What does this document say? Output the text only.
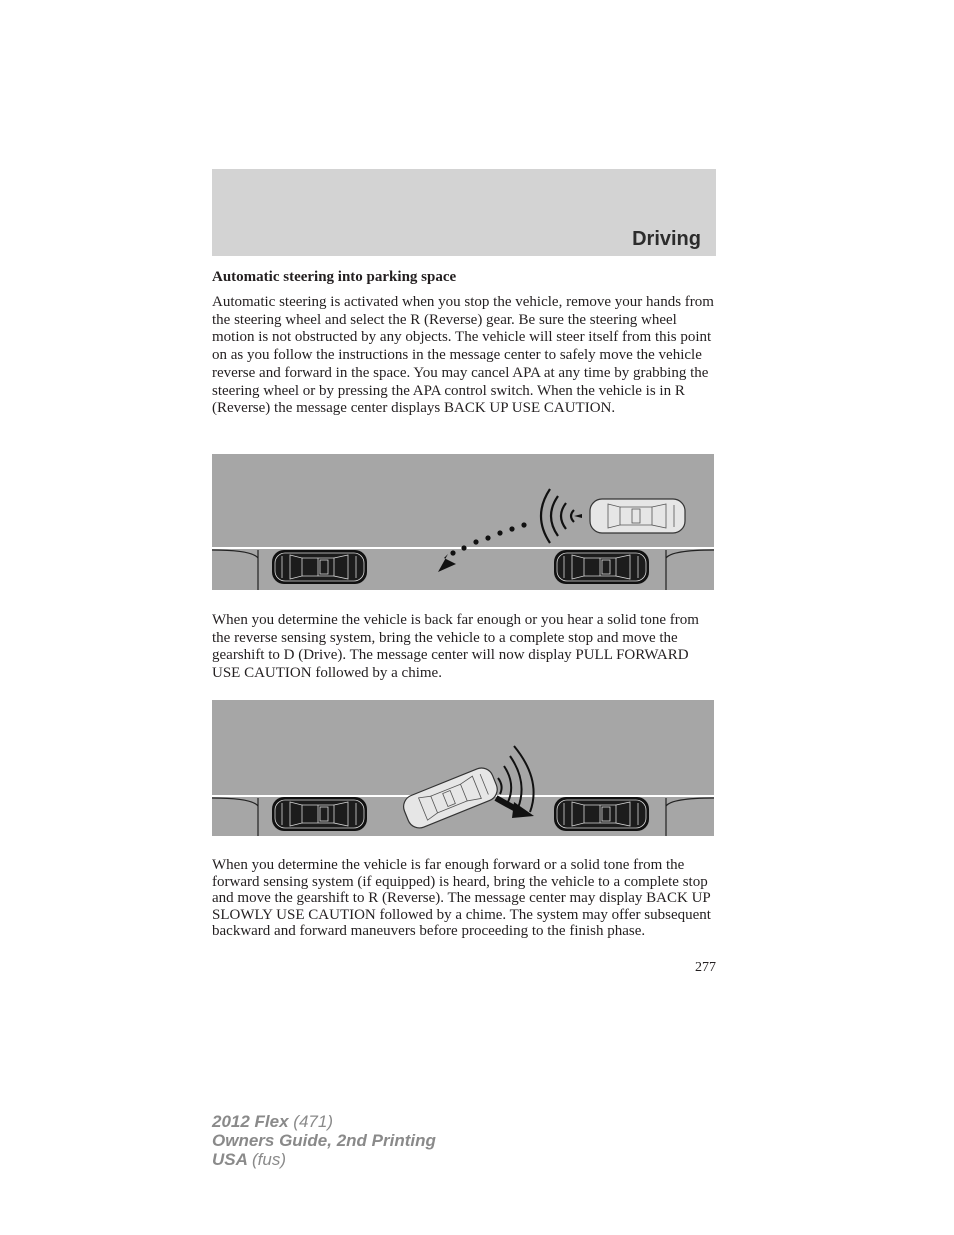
Driving
Automatic steering into parking space

Automatic steering is activated when you stop the vehicle, remove your hands from the steering wheel and select the R (Reverse) gear. Be sure the steering wheel motion is not obstructed by any objects. The vehicle will steer itself from this point on as you follow the instructions in the message center to safely move the vehicle reverse and forward in the space. You may cancel APA at any time by grabbing the steering wheel or by pressing the APA control switch. When the vehicle is in R (Reverse) the message center displays BACK UP USE CAUTION.

When you determine the vehicle is back far enough or you hear a solid tone from the reverse sensing system, bring the vehicle to a complete stop and move the gearshift to D (Drive). The message center will now display PULL FORWARD USE CAUTION followed by a chime.

When you determine the vehicle is far enough forward or a solid tone from the forward sensing system (if equipped) is heard, bring the vehicle to a complete stop and move the gearshift to R (Reverse). The message center may display BACK UP SLOWLY USE CAUTION followed by a chime. The system may offer subsequent backward and forward maneuvers before proceeding to the finish phase.

277
2012 Flex (471)
Owners Guide, 2nd Printing
USA (fus)
